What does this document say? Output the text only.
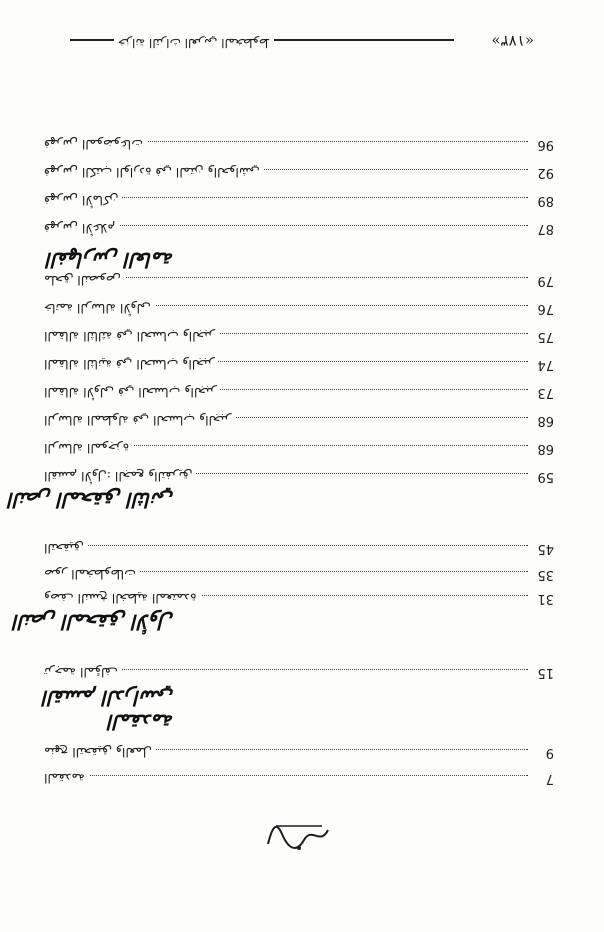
«١٧٣»
خزانة التراث العربي المخطوط
الفهارس العامة
87
فهرس الأعلام
89
فهرس الأماكن
92
فهرس الكتب الواردة في المتن والحواشي
96
فهرس الموضوعات
النص المحقق الثاني
59
القسم الأول: الجمع والتفريق
68
الرسالة الموجزة
68
الرسالة المطولة في الحساب والجبر
73
المقالة الأولى في الحساب والجبر
74
المقالة الثانية في الحساب والجبر
75
المقالة الثالثة في الحساب والجبر
76
خاتمة الرسالة الأولى
79
ملحق النصوص
النص المحقق الأول
31
وصف النسخ الخطية المعتمدة
35
صور المخطوطات
45
التحقيق
القسم الدراسي
15
ترجمة المؤلف
المقدمة
9
منهج التحقيق والعمل
7
المقدمة
